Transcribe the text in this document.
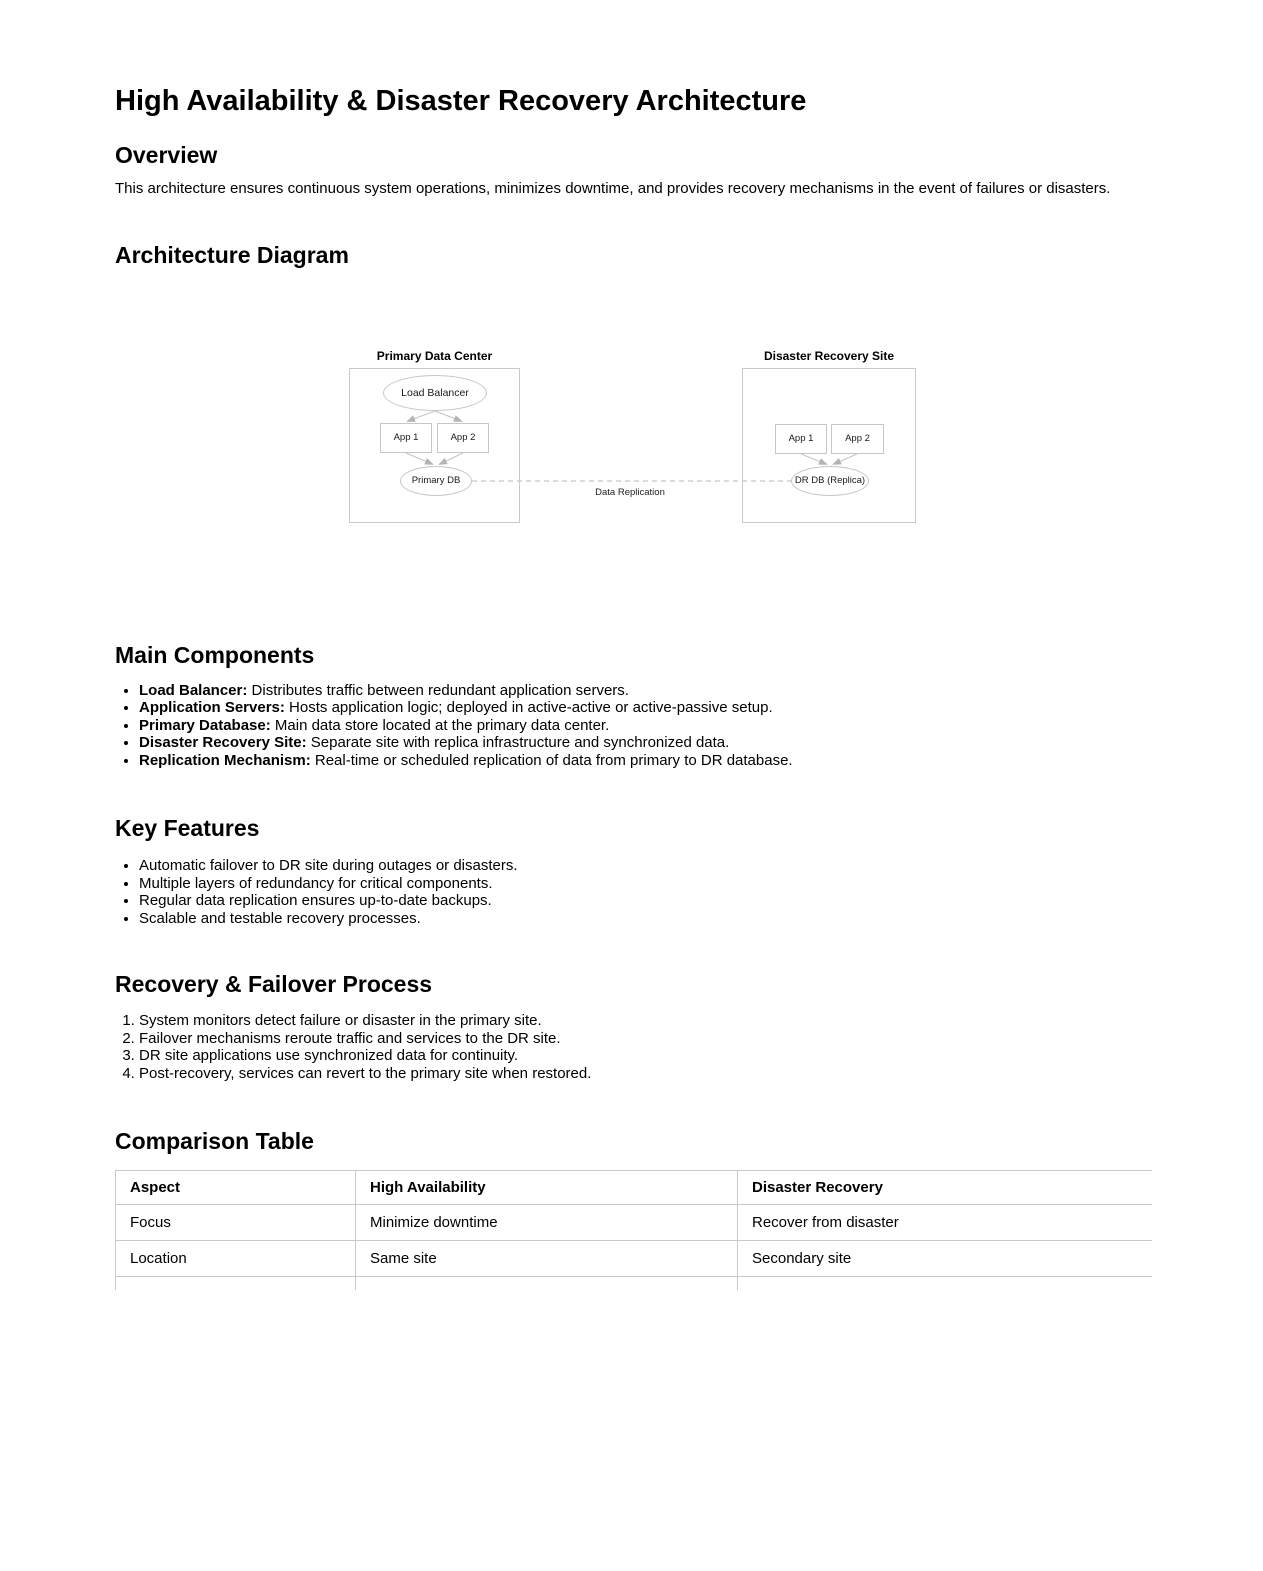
High Availability & Disaster Recovery Architecture
Overview

This architecture ensures continuous system operations, minimizes downtime, and provides recovery mechanisms in the event of failures or disasters.

Architecture Diagram
Primary Data Center
Load Balancer
App 1	App 2
Primary DB
Disaster Recovery Site
App 1	App 2
DR DB (Replica)
Data Replication
Main Components
• Load Balancer: Distributes traffic between redundant application servers.
• Application Servers: Hosts application logic; deployed in active-active or active-passive setup.
• Primary Database: Main data store located at the primary data center.
• Disaster Recovery Site: Separate site with replica infrastructure and synchronized data.
• Replication Mechanism: Real-time or scheduled replication of data from primary to DR database.
Key Features
• Automatic failover to DR site during outages or disasters.
• Multiple layers of redundancy for critical components.
• Regular data replication ensures up-to-date backups.
• Scalable and testable recovery processes.
Recovery & Failover Process
1. System monitors detect failure or disaster in the primary site.
2. Failover mechanisms reroute traffic and services to the DR site.
3. DR site applications use synchronized data for continuity.
4. Post-recovery, services can revert to the primary site when restored.
Comparison Table
Aspect	High Availability	Disaster Recovery
Focus	Minimize downtime	Recover from disaster
Location	Same site	Secondary site
